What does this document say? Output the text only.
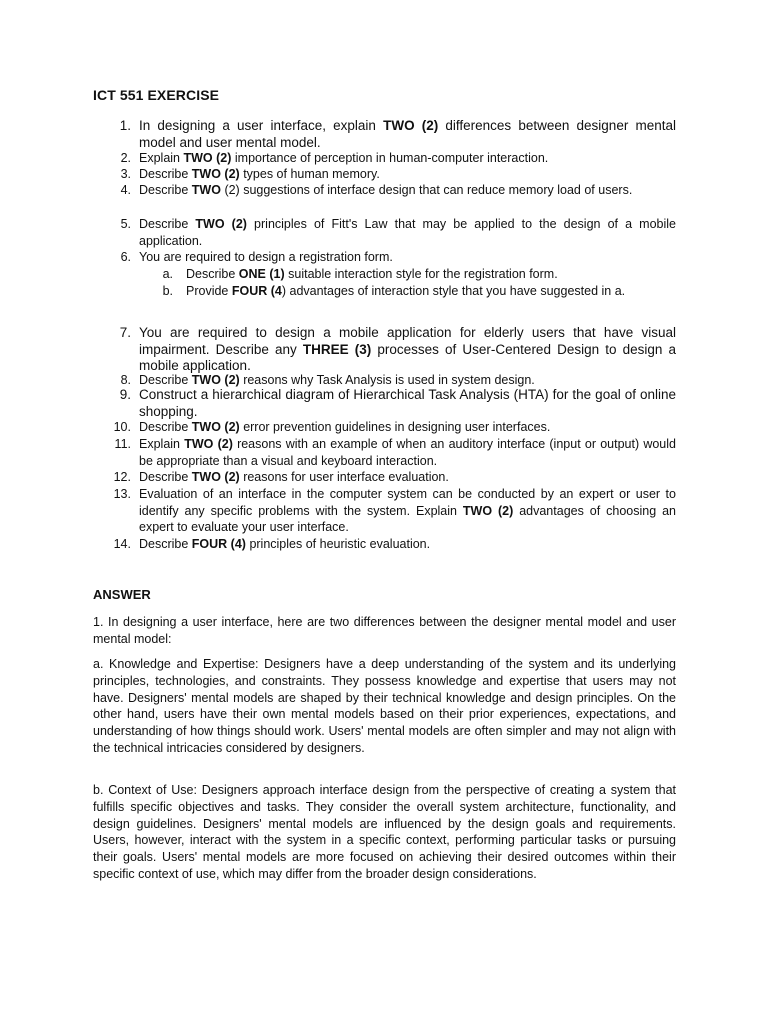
ICT 551 EXERCISE
1. In designing a user interface, explain TWO (2) differences between designer mental model and user mental model.
2. Explain TWO (2) importance of perception in human-computer interaction.
3. Describe TWO (2) types of human memory.
4. Describe TWO (2) suggestions of interface design that can reduce memory load of users.
5. Describe TWO (2) principles of Fitt's Law that may be applied to the design of a mobile application.
6. You are required to design a registration form.
a. Describe ONE (1) suitable interaction style for the registration form.
b. Provide FOUR (4) advantages of interaction style that you have suggested in a.
7. You are required to design a mobile application for elderly users that have visual impairment. Describe any THREE (3) processes of User-Centered Design to design a mobile application.
8. Describe TWO (2) reasons why Task Analysis is used in system design.
9. Construct a hierarchical diagram of Hierarchical Task Analysis (HTA) for the goal of online shopping.
10. Describe TWO (2) error prevention guidelines in designing user interfaces.
11. Explain TWO (2) reasons with an example of when an auditory interface (input or output) would be appropriate than a visual and keyboard interaction.
12. Describe TWO (2) reasons for user interface evaluation.
13. Evaluation of an interface in the computer system can be conducted by an expert or user to identify any specific problems with the system. Explain TWO (2) advantages of choosing an expert to evaluate your user interface.
14. Describe FOUR (4) principles of heuristic evaluation.
ANSWER
1. In designing a user interface, here are two differences between the designer mental model and user mental model:
a. Knowledge and Expertise: Designers have a deep understanding of the system and its underlying principles, technologies, and constraints. They possess knowledge and expertise that users may not have. Designers' mental models are shaped by their technical knowledge and design principles. On the other hand, users have their own mental models based on their prior experiences, expectations, and understanding of how things should work. Users' mental models are often simpler and may not align with the technical intricacies considered by designers.
b. Context of Use: Designers approach interface design from the perspective of creating a system that fulfills specific objectives and tasks. They consider the overall system architecture, functionality, and design guidelines. Designers' mental models are influenced by the design goals and requirements. Users, however, interact with the system in a specific context, performing particular tasks or pursuing their goals. Users' mental models are more focused on achieving their desired outcomes within their specific context of use, which may differ from the broader design considerations.
